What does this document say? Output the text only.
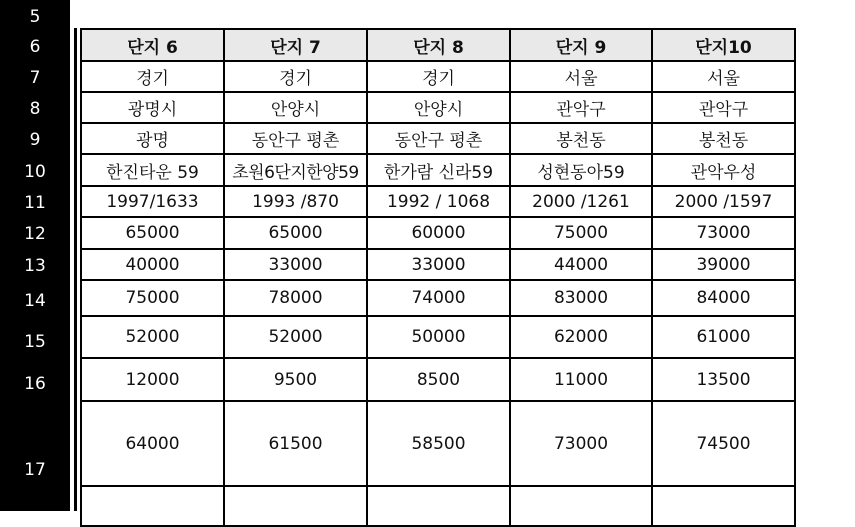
5
6
7
8
9
10
11
12
13
14
15
16
17
단지 6	단지 7	단지 8	단지 9	단지10
경기	경기	경기	서울	서울
광명시	안양시	안양시	관악구	관악구
광명	동안구 평촌	동안구 평촌	봉천동	봉천동
한진타운 59	초원6단지한양59	한가람 신라59	성현동아59	관악우성
1997/1633	1993 /870	1992 / 1068	2000 /1261	2000 /1597
65000	65000	60000	75000	73000
40000	33000	33000	44000	39000
75000	78000	74000	83000	84000
52000	52000	50000	62000	61000
12000	9500	8500	11000	13500
64000	61500	58500	73000	74500
